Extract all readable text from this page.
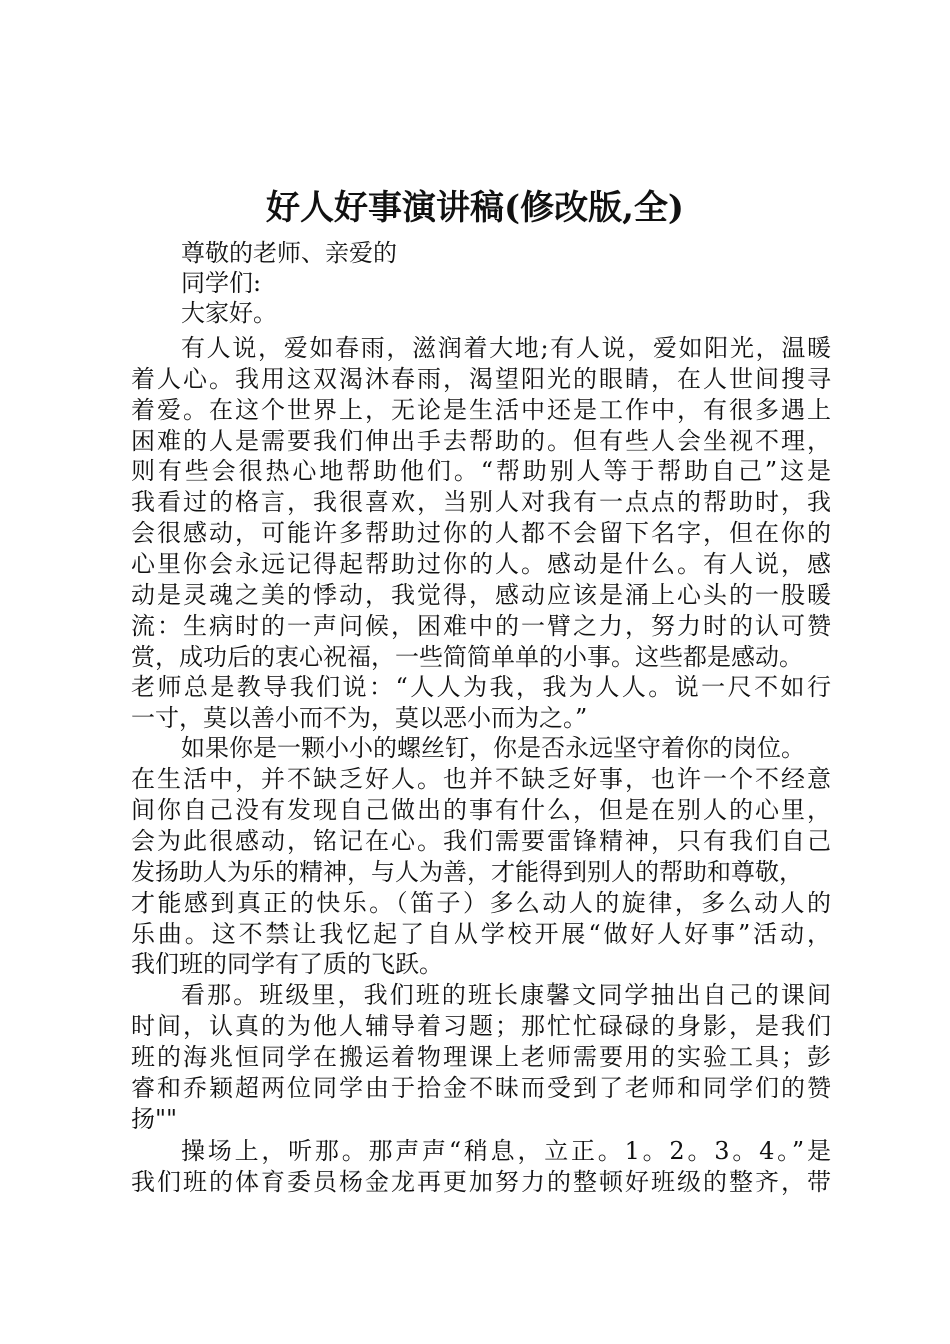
好人好事演讲稿(修改版,全)
尊敬的老师、亲爱的
同学们:
大家好。
有人说，爱如春雨，滋润着大地;有人说，爱如阳光，温暖
着人心。我用这双渴沐春雨，渴望阳光的眼睛，在人世间搜寻
着爱。在这个世界上，无论是生活中还是工作中，有很多遇上
困难的人是需要我们伸出手去帮助的。但有些人会坐视不理，
则有些会很热心地帮助他们。“帮助别人等于帮助自己”这是
我看过的格言，我很喜欢，当别人对我有一点点的帮助时，我
会很感动，可能许多帮助过你的人都不会留下名字，但在你的
心里你会永远记得起帮助过你的人。感动是什么。有人说，感
动是灵魂之美的悸动，我觉得，感动应该是涌上心头的一股暖
流：生病时的一声问候，困难中的一臂之力，努力时的认可赞
赏，成功后的衷心祝福，一些简简单单的小事。这些都是感动。
老师总是教导我们说：“人人为我，我为人人。说一尺不如行
一寸，莫以善小而不为，莫以恶小而为之。”
如果你是一颗小小的螺丝钉，你是否永远坚守着你的岗位。
在生活中，并不缺乏好人。也并不缺乏好事，也许一个不经意
间你自己没有发现自己做出的事有什么，但是在别人的心里，
会为此很感动，铭记在心。我们需要雷锋精神，只有我们自己
发扬助人为乐的精神，与人为善，才能得到别人的帮助和尊敬，
才能感到真正的快乐。（笛子）多么动人的旋律，多么动人的
乐曲。这不禁让我忆起了自从学校开展“做好人好事”活动，
我们班的同学有了质的飞跃。
看那。班级里，我们班的班长康馨文同学抽出自己的课间
时间，认真的为他人辅导着习题；那忙忙碌碌的身影，是我们
班的海兆恒同学在搬运着物理课上老师需要用的实验工具；彭
睿和乔颖超两位同学由于拾金不昧而受到了老师和同学们的赞
扬""
操场上，听那。那声声“稍息，立正。1。2。3。4。”是
我们班的体育委员杨金龙再更加努力的整顿好班级的整齐，带
